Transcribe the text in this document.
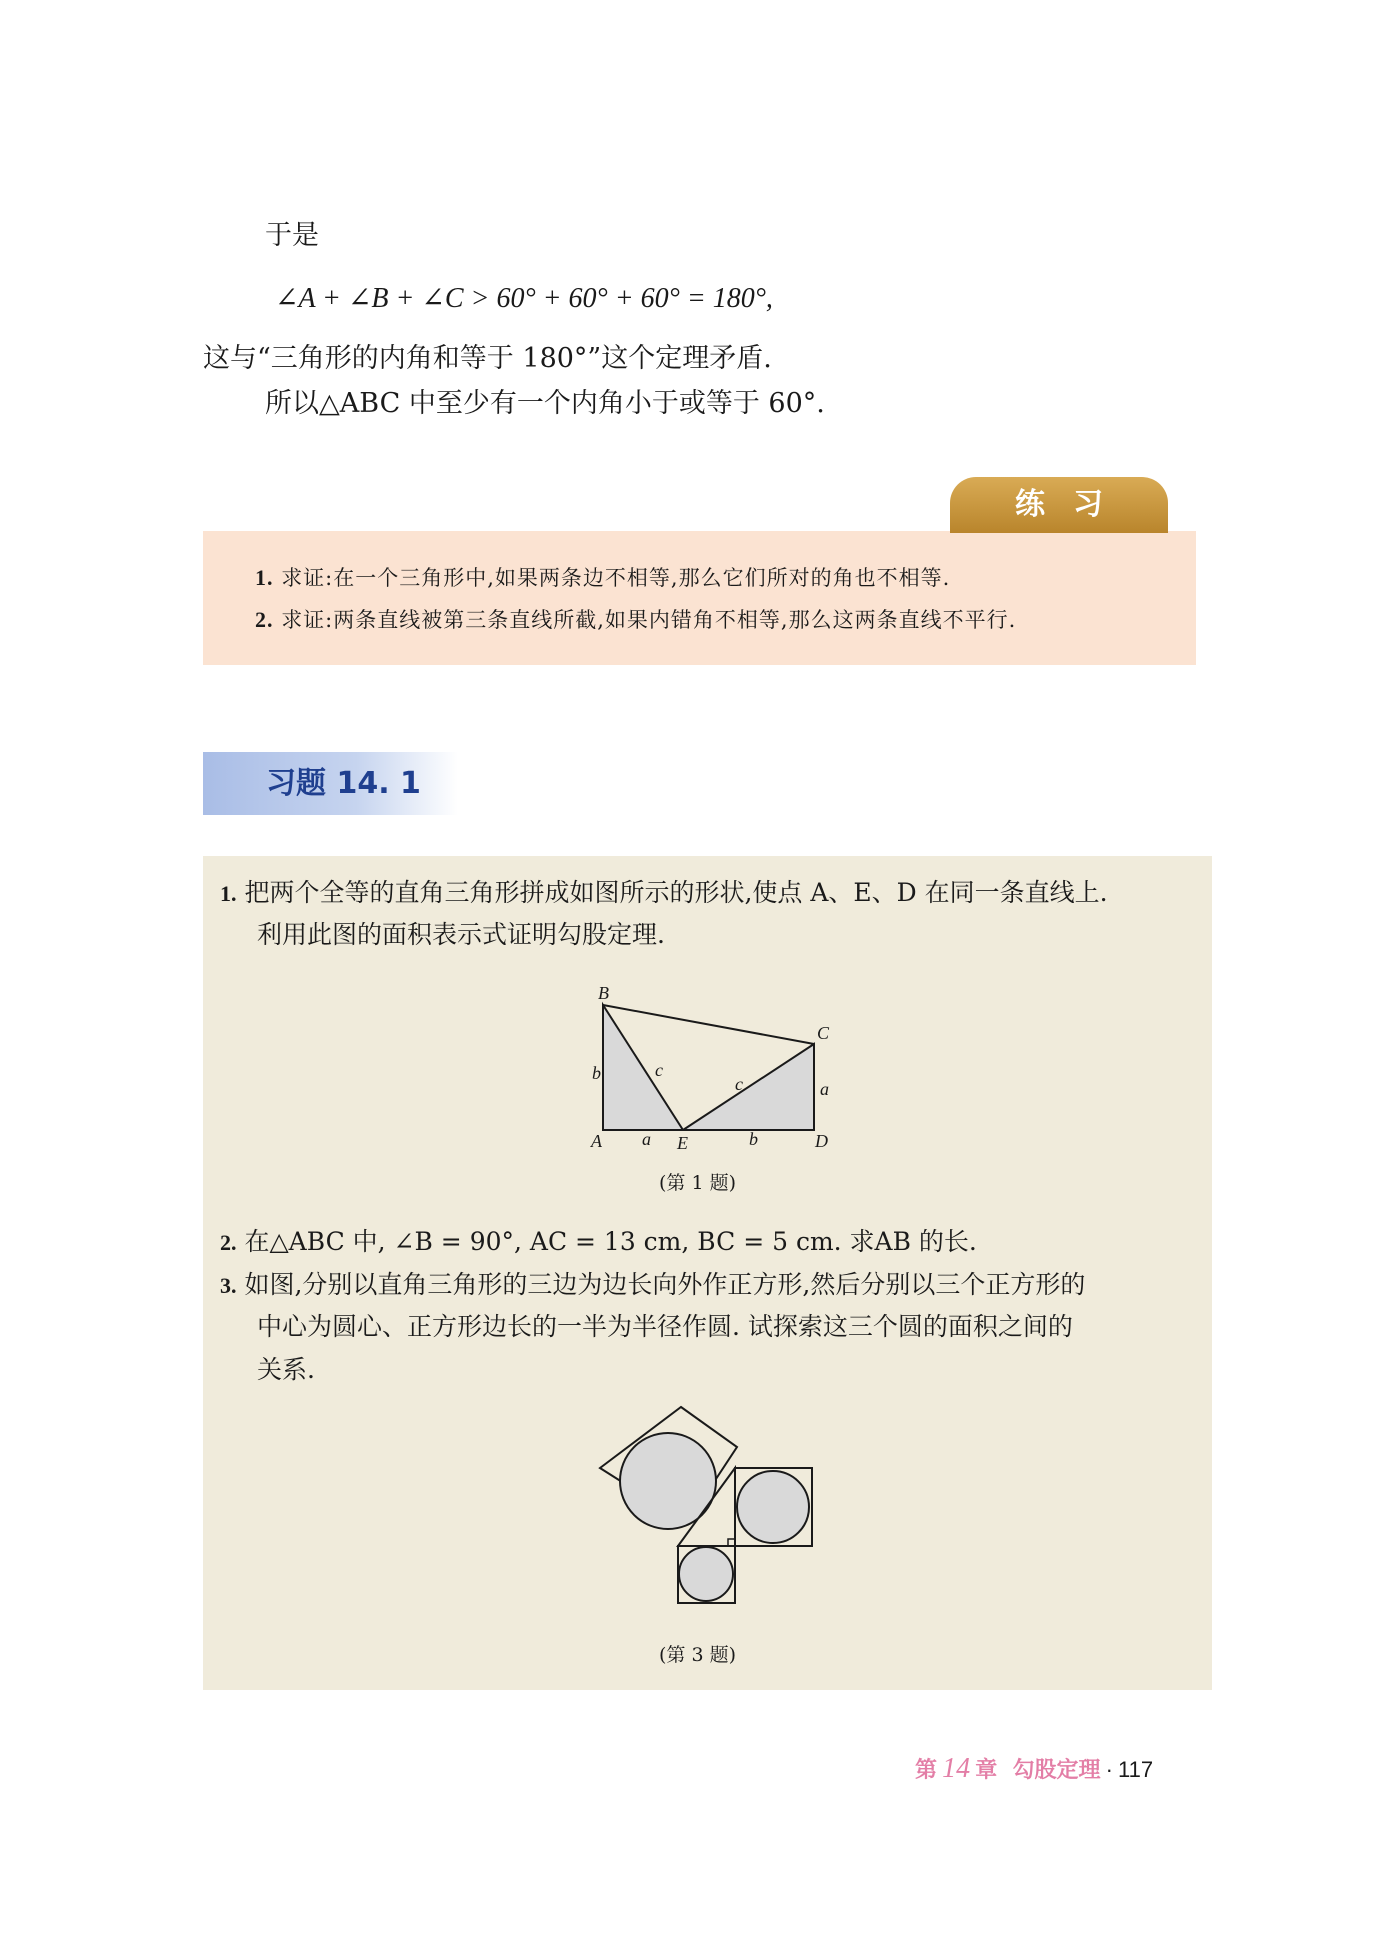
于是
∠A + ∠B + ∠C > 60° + 60° + 60° = 180°,
这与“三角形的内角和等于 180°”这个定理矛盾.
所以△ABC 中至少有一个内角小于或等于 60°.
练习
1. 求证:在一个三角形中,如果两条边不相等,那么它们所对的角也不相等.
2. 求证:两条直线被第三条直线所截,如果内错角不相等,那么这两条直线不平行.
习题 14. 1
1. 把两个全等的直角三角形拼成如图所示的形状,使点 A、E、D 在同一条直线上.
利用此图的面积表示式证明勾股定理.
B
C
A	E	D
a
a
b
b
c
c
(第 1 题)
2. 在△ABC 中, ∠B = 90°, AC = 13 cm, BC = 5 cm. 求AB 的长.
3. 如图,分别以直角三角形的三边为边长向外作正方形,然后分别以三个正方形的
中心为圆心、正方形边长的一半为半径作圆. 试探索这三个圆的面积之间的
关系.
(第 3 题)
第 14 章 勾股定理 · 117
